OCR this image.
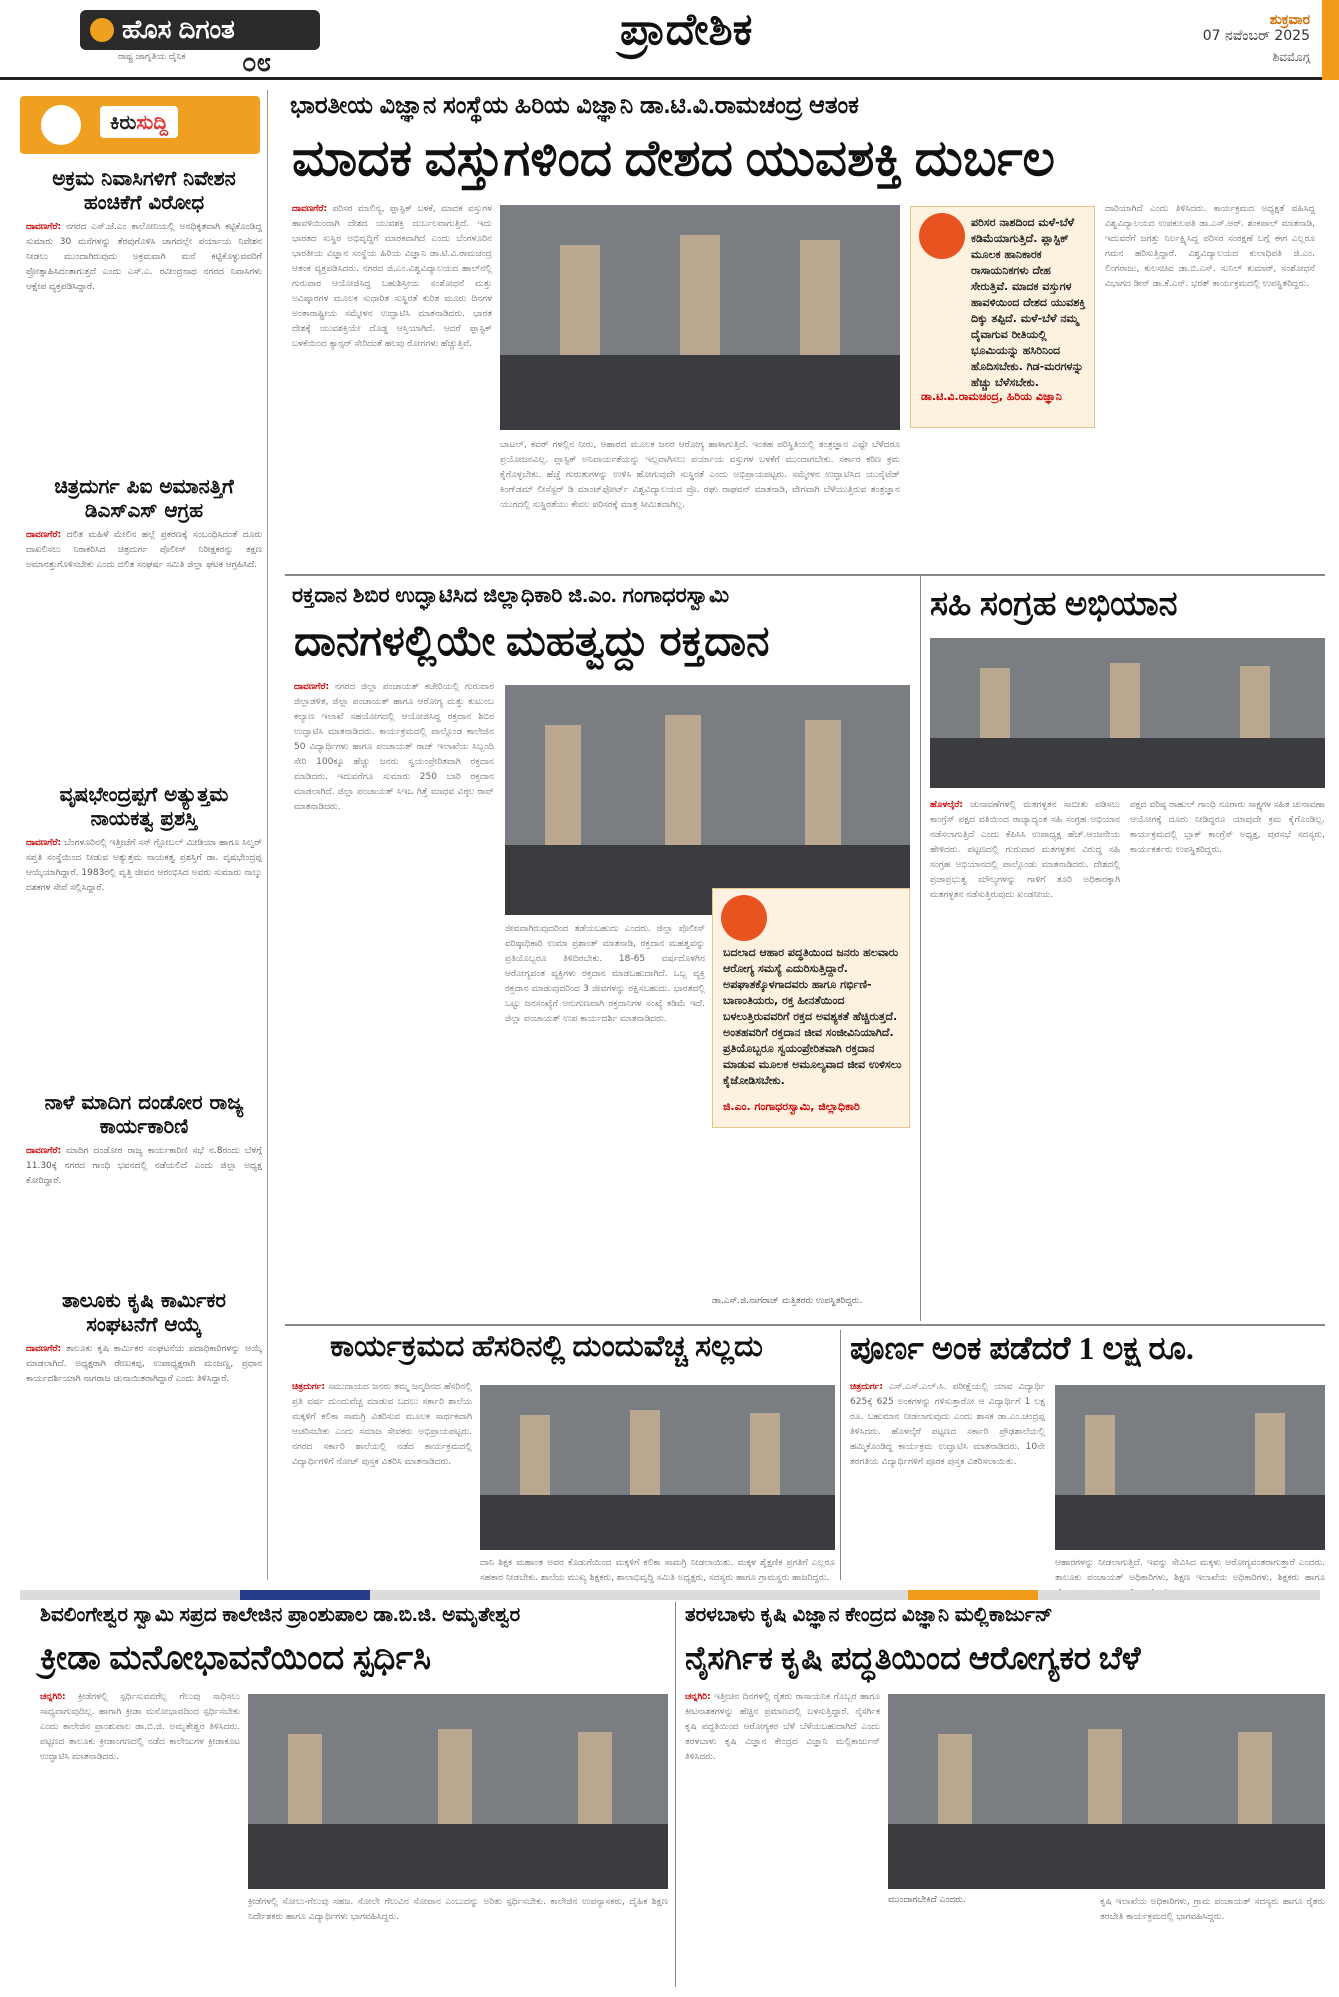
ಹೊಸ ದಿಗಂತ
ರಾಷ್ಟ್ರ ಜಾಗೃತಿಯ ದೈನಿಕ ೦೮
ಪ್ರಾದೇಶಿಕ	ಶುಕ್ರವಾರ
07 ನವೆಂಬರ್ 2025
ಶಿವಮೊಗ್ಗ
ಕಿರುಸುದ್ದಿ
ಅಕ್ರಮ ನಿವಾಸಿಗಳಿಗೆ ನಿವೇಶನ ಹಂಚಿಕೆಗೆ ವಿರೋಧ

ದಾವಣಗೆರೆ: ನಗರದ ಎಸ್.ಜೆ.ಎಂ ಕಾಲೋನಿಯಲ್ಲಿ ಅನಧಿಕೃತವಾಗಿ ಕಟ್ಟಿಕೊಂಡಿದ್ದ ಸುಮಾರು 30 ಮನೆಗಳನ್ನು ತೆರವುಗೊಳಿಸಿ ಜಾಗದಲ್ಲೇ ಪರ್ಯಾಯ ನಿವೇಶನ ನೀಡಲು ಮುಂದಾಗಿರುವುದು ಅಕ್ರಮವಾಗಿ ಮನೆ ಕಟ್ಟಿಕೊಳ್ಳುವವರಿಗೆ ಪ್ರೋತ್ಸಾಹಿಸಿದಂತಾಗುತ್ತದೆ ಎಂದು ಎಸ್.ಎ. ರವೀಂದ್ರನಾಥ ನಗರದ ನಿವಾಸಿಗಳು ಆಕ್ಷೇಪ ವ್ಯಕ್ತಪಡಿಸಿದ್ದಾರೆ.

ಚಿತ್ರದುರ್ಗ ಪಿಐ ಅಮಾನತ್ತಿಗೆ ಡಿಎಸ್ಎಸ್ ಆಗ್ರಹ

ದಾವಣಗೆರೆ: ದಲಿತ ಮಹಿಳೆ ಮೇಲಿನ ಹಲ್ಲೆ ಪ್ರಕರಣಕ್ಕೆ ಸಂಬಂಧಿಸಿದಂತೆ ದೂರು ದಾಖಲಿಸಲು ನಿರಾಕರಿಸಿದ ಚಿತ್ರದುರ್ಗ ಪೊಲೀಸ್ ನಿರೀಕ್ಷಕರನ್ನು ತಕ್ಷಣ ಅಮಾನತ್ತುಗೊಳಿಸಬೇಕು ಎಂದು ದಲಿತ ಸಂಘರ್ಷ ಸಮಿತಿ ಜಿಲ್ಲಾ ಘಟಕ ಆಗ್ರಹಿಸಿದೆ.

ವೃಷಭೇಂದ್ರಪ್ಪಗೆ ಅತ್ಯುತ್ತಮ ನಾಯಕತ್ವ ಪ್ರಶಸ್ತಿ

ದಾವಣಗೆರೆ: ಬೆಂಗಳೂರಿನಲ್ಲಿ ಇತ್ತೀಚೆಗೆ ಸಸ್ ಗ್ಲೋಬಲ್ ಮೀಡಿಯಾ ಹಾಗೂ ಸಿಲ್ವರ್ ಸಪ್ತತಿ ಸಂಸ್ಥೆಯಿಂದ ನೀಡುವ ಅತ್ಯುತ್ತಮ ನಾಯಕತ್ವ ಪ್ರಶಸ್ತಿಗೆ ಡಾ. ವೃಷಭೇಂದ್ರಪ್ಪ ಆಯ್ಕೆಯಾಗಿದ್ದಾರೆ. 1983ರಲ್ಲಿ ವೃತ್ತಿ ಜೀವನ ಆರಂಭಿಸಿದ ಅವರು ಸುಮಾರು ನಾಲ್ಕು ದಶಕಗಳ ಸೇವೆ ಸಲ್ಲಿಸಿದ್ದಾರೆ.

ನಾಳೆ ಮಾದಿಗ ದಂಡೋರ ರಾಜ್ಯ ಕಾರ್ಯಕಾರಿಣಿ

ದಾವಣಗೆರೆ: ಮಾದಿಗ ದಂಡೋರ ರಾಜ್ಯ ಕಾರ್ಯಕಾರಿಣಿ ಸಭೆ ನ.8ರಂದು ಬೆಳಗ್ಗೆ 11.30ಕ್ಕೆ ನಗರದ ಗಾಂಧಿ ಭವನದಲ್ಲಿ ನಡೆಯಲಿದೆ ಎಂದು ಜಿಲ್ಲಾ ಅಧ್ಯಕ್ಷ ಕೋರಿದ್ದಾರೆ.

ತಾಲೂಕು ಕೃಷಿ ಕಾರ್ಮಿಕರ ಸಂಘಟನೆಗೆ ಆಯ್ಕೆ

ದಾವಣಗೆರೆ: ತಾಲೂಕು ಕೃಷಿ ಕಾರ್ಮಿಕರ ಸಂಘಟನೆಯ ಪದಾಧಿಕಾರಿಗಳನ್ನು ಆಯ್ಕೆ ಮಾಡಲಾಗಿದೆ. ಅಧ್ಯಕ್ಷರಾಗಿ ರೇಣುಕಪ್ಪ, ಉಪಾಧ್ಯಕ್ಷರಾಗಿ ಮಂಜಣ್ಣ, ಪ್ರಧಾನ ಕಾರ್ಯದರ್ಶಿಯಾಗಿ ನಾಗರಾಜ ಚುನಾಯಿತರಾಗಿದ್ದಾರೆ ಎಂದು ತಿಳಿಸಿದ್ದಾರೆ.

ಭಾರತೀಯ ವಿಜ್ಞಾನ ಸಂಸ್ಥೆಯ ಹಿರಿಯ ವಿಜ್ಞಾನಿ ಡಾ.ಟಿ.ವಿ.ರಾಮಚಂದ್ರ ಆತಂಕ
ಮಾದಕ ವಸ್ತುಗಳಿಂದ ದೇಶದ ಯುವಶಕ್ತಿ ದುರ್ಬಲ
ದಾವಣಗೆರೆ: ಪರಿಸರ ಮಾಲಿನ್ಯ, ಪ್ಲಾಸ್ಟಿಕ್ ಬಳಕೆ, ಮಾದಕ ವಸ್ತುಗಳ ಹಾವಳಿಯಿಂದಾಗಿ ದೇಶದ ಯುವಶಕ್ತಿ ದುರ್ಬಲವಾಗುತ್ತಿದೆ. ಇದು ಭಾರತದ ಸುಸ್ಥಿರ ಅಭಿವೃದ್ಧಿಗೆ ಮಾರಕವಾಗಿದೆ ಎಂದು ಬೆಂಗಳೂರಿನ ಭಾರತೀಯ ವಿಜ್ಞಾನ ಸಂಸ್ಥೆಯ ಹಿರಿಯ ವಿಜ್ಞಾನಿ ಡಾ.ಟಿ.ವಿ.ರಾಮಚಂದ್ರ ಆತಂಕ ವ್ಯಕ್ತಪಡಿಸಿದರು. ನಗರದ ಜಿ.ಎಂ.ವಿಶ್ವವಿದ್ಯಾಲಯದ ಹಾಲ್‌ನಲ್ಲಿ ಗುರುವಾರ ಆಯೋಜಿಸಿದ್ದ ಬಹುಶಿಸ್ತೀಯ ಸಂಶೋಧನೆ ಮತ್ತು ಅವಿಷ್ಕಾರಗಳ ಮೂಲಕ ಸುಧಾರಿತ ಸುಸ್ಥಿರತೆ ಕುರಿತ ಮೂರು ದಿನಗಳ ಅಂತಾರಾಷ್ಟ್ರೀಯ ಸಮ್ಮೇಳನ ಉದ್ಘಾಟಿಸಿ ಮಾತನಾಡಿದರು. ಭಾರತ ದೇಶಕ್ಕೆ ಯುವಶಕ್ತಿಯೇ ದೊಡ್ಡ ಆಸ್ತಿಯಾಗಿದೆ. ಆದರೆ ಪ್ಲಾಸ್ಟಿಕ್ ಬಳಕೆಯಿಂದ ಕ್ಯಾನ್ಸರ್ ಸೇರಿದಂತೆ ಹಲವು ರೋಗಗಳು ಹೆಚ್ಚುತ್ತಿವೆ.
ಬಾಟಲ್, ಕವರ್ ಗಳಲ್ಲಿನ ನೀರು, ಆಹಾರದ ಮೂಲಕ ಜನರ ಆರೋಗ್ಯ ಹಾಳಾಗುತ್ತಿದೆ. ಇಂತಹ ಪರಿಸ್ಥಿತಿಯಲ್ಲಿ ತಂತ್ರಜ್ಞಾನ ಎಷ್ಟೇ ಬೆಳೆದರೂ ಪ್ರಯೋಜನವಿಲ್ಲ. ಪ್ಲಾಸ್ಟಿಕ್ ಅನಿವಾರ್ಯತೆಯನ್ನು ಇಲ್ಲವಾಗಿಸಲು ಪರ್ಯಾಯ ವಸ್ತುಗಳ ಬಳಕೆಗೆ ಮುಂದಾಗಬೇಕು. ಸರ್ಕಾರ ಕಠಿಣ ಕ್ರಮ ಕೈಗೊಳ್ಳಬೇಕು. ಹೆಚ್ಚೆ ಗುರುತುಗಳನ್ನು ಉಳಿಸಿ ಹೋಗುವುದೇ ಸುಸ್ಥಿರತೆ ಎಂದು ಅಭಿಪ್ರಾಯಪಟ್ಟರು. ಸಮ್ಮೇಳನ ಉದ್ಘಾಟಿಸಿದ ಯುನೈಟೆಡ್ ಕಿಂಗ್‌ಡಮ್ ಲೀಸೆಸ್ಟರ್ ಡಿ ಮಾಂಟ್‌ಫೋರ್ಟ್ ವಿಶ್ವವಿದ್ಯಾಲಯದ ಪ್ರೊ. ರಘು ರಾಘವನ್ ಮಾತನಾಡಿ, ವೇಗವಾಗಿ ಬೆಳೆಯುತ್ತಿರುವ ತಂತ್ರಜ್ಞಾನ ಯುಗದಲ್ಲಿ ಸುಸ್ಥಿರತೆಯು ಕೇವಲ ಪರಿಸರಕ್ಕೆ ಮಾತ್ರ ಸೀಮಿತವಾಗಿಲ್ಲ.
ಪರಿಸರ ನಾಶದಿಂದ ಮಳೆ-ಬೆಳೆ ಕಡಿಮೆಯಾಗುತ್ತಿದೆ. ಪ್ಲಾಸ್ಟಿಕ್ ಮೂಲಕ ಹಾನಿಕಾರಕ ರಾಸಾಯನಿಕಗಳು ದೇಹ ಸೇರುತ್ತಿವೆ. ಮಾದಕ ವಸ್ತುಗಳ ಹಾವಳಿಯಿಂದ ದೇಶದ ಯುವಶಕ್ತಿ ದಿಕ್ಕು ತಪ್ಪಿದೆ. ಮಳೆ-ಬೆಳೆ ನಮ್ಮ ದೈವಾಗುವ ರೀತಿಯಲ್ಲಿ ಭೂಮಿಯನ್ನು ಹಸಿರಿನಿಂದ ಹೊದಿಸಬೇಕು. ಗಿಡ-ಮರಗಳನ್ನು ಹೆಚ್ಚು ಬೆಳೆಸಬೇಕು.
ಡಾ.ಟಿ.ವಿ.ರಾಮಚಂದ್ರ, ಹಿರಿಯ ವಿಜ್ಞಾನಿ
ದಾರಿಯಾಗಿದೆ ಎಂದು ತಿಳಿಸಿದರು. ಕಾರ್ಯಕ್ರಮದ ಅಧ್ಯಕ್ಷತೆ ವಹಿಸಿದ್ದ ವಿಶ್ವವಿದ್ಯಾಲಯದ ಉಪಕುಲಪತಿ ಡಾ.ಎಸ್.ಆರ್. ಶಂಕಪಾಲ್ ಮಾತನಾಡಿ, ಇದುವರೆಗೆ ಜಗತ್ತು ನಿರ್ಲಕ್ಷ್ಯಿಸಿದ್ದ ಪರಿಸರ ಸಂರಕ್ಷಣೆ ಬಗ್ಗೆ ಈಗ ಎಲ್ಲರೂ ಗಮನ ಹರಿಸುತ್ತಿದ್ದಾರೆ. ವಿಶ್ವವಿದ್ಯಾಲಯದ ಕುಲಾಧಿಪತಿ ಜಿ.ಎಂ. ಲಿಂಗರಾಜು, ಕುಲಸಚಿವ ಡಾ.ಬಿ.ಎಸ್. ಸುನಿಲ್ ಕುಮಾರ್, ಸಂಶೋಧನೆ ವಿಭಾಗದ ಡೀನ್ ಡಾ.ಕೆ.ಎನ್. ಭರತ್ ಕಾರ್ಯಕ್ರಮದಲ್ಲಿ ಉಪಸ್ಥಿತರಿದ್ದರು.
ರಕ್ತದಾನ ಶಿಬಿರ ಉದ್ಘಾಟಿಸಿದ ಜಿಲ್ಲಾಧಿಕಾರಿ ಜಿ.ಎಂ. ಗಂಗಾಧರಸ್ವಾಮಿ
ದಾನಗಳಲ್ಲಿಯೇ ಮಹತ್ವದ್ದು ರಕ್ತದಾನ
ದಾವಣಗೆರೆ: ನಗರದ ಜಿಲ್ಲಾ ಪಂಚಾಯತ್ ಕಚೇರಿಯಲ್ಲಿ ಗುರುವಾರ ಜಿಲ್ಲಾಡಳಿತ, ಜಿಲ್ಲಾ ಪಂಚಾಯತ್ ಹಾಗೂ ಆರೋಗ್ಯ ಮತ್ತು ಕುಟುಂಬ ಕಲ್ಯಾಣ ಇಲಾಖೆ ಸಹಯೋಗದಲ್ಲಿ ಆಯೋಜಿಸಿದ್ದ ರಕ್ತದಾನ ಶಿಬಿರ ಉದ್ಘಾಟಿಸಿ ಮಾತನಾಡಿದರು. ಕಾರ್ಯಕ್ರಮದಲ್ಲಿ ಪಾಲ್ಗೊಂಡ ಕಾಲೇಜಿನ 50 ವಿದ್ಯಾರ್ಥಿಗಳು ಹಾಗೂ ಪಂಚಾಯತ್ ರಾಜ್ ಇಲಾಖೆಯ ಸಿಬ್ಬಂದಿ ಸೇರಿ 100ಕ್ಕೂ ಹೆಚ್ಚು ಜನರು ಸ್ವಯಂಪ್ರೇರಿತವಾಗಿ ರಕ್ತದಾನ ಮಾಡಿದರು. ಇದುವರೆಗೂ ಸುಮಾರು 250 ಬಾರಿ ರಕ್ತದಾನ ಮಾಡಲಾಗಿದೆ. ಜಿಲ್ಲಾ ಪಂಚಾಯತ್ ಸಿಇಒ ಗಿತ್ತೆ ಮಾಧವ ವಿಠ್ಠಲ ರಾವ್ ಮಾತನಾಡಿದರು.
ಜೀವವಾಗಿರುವುದರಿಂದ ತಡೆಯಬಹುದು ಎಂದರು. ಜಿಲ್ಲಾ ಪೊಲೀಸ್ ವರಿಷ್ಠಾಧಿಕಾರಿ ಉಮಾ ಪ್ರಶಾಂತ್ ಮಾತನಾಡಿ, ರಕ್ತದಾನ ಮಹತ್ವವನ್ನು ಪ್ರತಿಯೊಬ್ಬರೂ ತಿಳಿದಿರಬೇಕು. 18-65 ವರ್ಷದೊಳಗಿನ ಆರೋಗ್ಯವಂತ ವ್ಯಕ್ತಿಗಳು ರಕ್ತದಾನ ಮಾಡಬಹುದಾಗಿದೆ. ಒಬ್ಬ ವ್ಯಕ್ತಿ ರಕ್ತದಾನ ಮಾಡುವುದರಿಂದ 3 ಜೀವಗಳನ್ನು ರಕ್ಷಿಸಬಹುದು. ಭಾರತದಲ್ಲಿ ಒಟ್ಟು ಜನಸಂಖ್ಯೆಗೆ ಅನುಗುಣವಾಗಿ ರಕ್ತದಾನಿಗಳ ಸಂಖ್ಯೆ ಕಡಿಮೆ ಇದೆ. ಜಿಲ್ಲಾ ಪಂಚಾಯತ್ ಉಪ ಕಾರ್ಯದರ್ಶಿ ಮಾತನಾಡಿದರು.
ಬದಲಾದ ಆಹಾರ ಪದ್ಧತಿಯಿಂದ ಜನರು ಹಲವಾರು ಆರೋಗ್ಯ ಸಮಸ್ಯೆ ಎದುರಿಸುತ್ತಿದ್ದಾರೆ. ಅಪಘಾತಕ್ಕೊಳಗಾದವರು ಹಾಗೂ ಗರ್ಭಿಣಿ-ಬಾಣಂತಿಯರು, ರಕ್ತ ಹೀನತೆಯಿಂದ ಬಳಲುತ್ತಿರುವವರಿಗೆ ರಕ್ತದ ಅವಶ್ಯಕತೆ ಹೆಚ್ಚಿರುತ್ತದೆ. ಅಂತಹವರಿಗೆ ರಕ್ತದಾನ ಜೀವ ಸಂಜೀವಿನಿಯಾಗಿದೆ. ಪ್ರತಿಯೊಬ್ಬರೂ ಸ್ವಯಂಪ್ರೇರಿತವಾಗಿ ರಕ್ತದಾನ ಮಾಡುವ ಮೂಲಕ ಅಮೂಲ್ಯವಾದ ಜೀವ ಉಳಿಸಲು ಕೈಜೋಡಿಸಬೇಕು.
ಜಿ.ಎಂ. ಗಂಗಾಧರಸ್ವಾಮಿ, ಜಿಲ್ಲಾಧಿಕಾರಿ
ಡಾ.ಎಸ್.ಜಿ.ನಾಗರಾಜ್ ಮತ್ತಿತರರು ಉಪಸ್ಥಿತರಿದ್ದರು.
ಸಹಿ ಸಂಗ್ರಹ ಅಭಿಯಾನ
ಹೊಳಲ್ಕೆರೆ: ಚುನಾವಣೆಗಳಲ್ಲಿ ಮತಗಳ್ಳತನ ಸಾಬೀತು ಪಡಿಸಲು ಕಾಂಗ್ರೆಸ್ ಪಕ್ಷದ ವತಿಯಿಂದ ರಾಜ್ಯಾದ್ಯಂತ ಸಹಿ ಸಂಗ್ರಹ ಅಭಿಯಾನ ನಡೆಸಲಾಗುತ್ತಿದೆ ಎಂದು ಕೆಪಿಸಿಸಿ ಉಪಾಧ್ಯಕ್ಷ ಹೆಚ್.ಆಂಜನೇಯ ಹೇಳಿದರು. ಪಟ್ಟಣದಲ್ಲಿ ಗುರುವಾರ ಮತಗಳ್ಳತನ ವಿರುದ್ಧ ಸಹಿ ಸಂಗ್ರಹ ಅಭಿಯಾನದಲ್ಲಿ ಪಾಲ್ಗೊಂಡು ಮಾತನಾಡಿದರು. ದೇಶದಲ್ಲಿ ಪ್ರಜಾಪ್ರಭುತ್ವ ಮೌಲ್ಯಗಳನ್ನು ಗಾಳಿಗೆ ತೂರಿ ಅಧಿಕಾರಕ್ಕಾಗಿ ಮತಗಳ್ಳತನ ನಡೆಸುತ್ತಿರುವುದು ಖಂಡನೀಯ.
ಪಕ್ಷದ ವರಿಷ್ಠ ರಾಹುಲ್ ಗಾಂಧಿ ನೂರಾರು ಸಾಕ್ಷ್ಯಗಳ ಸಹಿತ ಚುನಾವಣಾ ಆಯೋಗಕ್ಕೆ ದೂರು ನೀಡಿದ್ದರೂ ಯಾವುದೇ ಕ್ರಮ ಕೈಗೊಂಡಿಲ್ಲ. ಕಾರ್ಯಕ್ರಮದಲ್ಲಿ ಬ್ಲಾಕ್ ಕಾಂಗ್ರೆಸ್ ಅಧ್ಯಕ್ಷ, ಪುರಸಭೆ ಸದಸ್ಯರು, ಕಾರ್ಯಕರ್ತರು ಉಪಸ್ಥಿತರಿದ್ದರು.
ಕಾರ್ಯಕ್ರಮದ ಹೆಸರಿನಲ್ಲಿ ದುಂದುವೆಚ್ಚ ಸಲ್ಲದು
ಚಿತ್ರದುರ್ಗ: ಸಮುದಾಯದ ಜನರು ತಮ್ಮ ಜನ್ಮದಿನದ ಹೆಸರಿನಲ್ಲಿ ಪ್ರತಿ ವರ್ಷ ದುಂದುವೆಚ್ಚ ಮಾಡುವ ಬದಲು ಸರ್ಕಾರಿ ಶಾಲೆಯ ಮಕ್ಕಳಿಗೆ ಕಲಿಕಾ ಸಾಮಗ್ರಿ ವಿತರಿಸುವ ಮೂಲಕ ಸಾರ್ಥಕವಾಗಿ ಆಚರಿಸಬೇಕು ಎಂದು ಸಮಾಜ ಸೇವಕರು ಅಭಿಪ್ರಾಯಪಟ್ಟರು. ನಗರದ ಸರ್ಕಾರಿ ಶಾಲೆಯಲ್ಲಿ ನಡೆದ ಕಾರ್ಯಕ್ರಮದಲ್ಲಿ ವಿದ್ಯಾರ್ಥಿಗಳಿಗೆ ನೋಟ್ ಪುಸ್ತಕ ವಿತರಿಸಿ ಮಾತನಾಡಿದರು.
ದಾನಿ ಶಿಕ್ಷಕ ಮಹಾಂತ ಅವರ ಕೊಡುಗೆಯಿಂದ ಮಕ್ಕಳಿಗೆ ಕಲಿಕಾ ಸಾಮಗ್ರಿ ನೀಡಲಾಯಿತು. ಮಕ್ಕಳ ಶೈಕ್ಷಣಿಕ ಪ್ರಗತಿಗೆ ಎಲ್ಲರೂ ಸಹಕಾರ ನೀಡಬೇಕು. ಶಾಲೆಯ ಮುಖ್ಯ ಶಿಕ್ಷಕರು, ಶಾಲಾಭಿವೃದ್ಧಿ ಸಮಿತಿ ಅಧ್ಯಕ್ಷರು, ಸದಸ್ಯರು ಹಾಗೂ ಗ್ರಾಮಸ್ಥರು ಹಾಜರಿದ್ದರು.
ಪೂರ್ಣ ಅಂಕ ಪಡೆದರೆ 1 ಲಕ್ಷ ರೂ.
ಚಿತ್ರದುರ್ಗ: ಎಸ್.ಎಸ್.ಎಲ್.ಸಿ. ಪರೀಕ್ಷೆಯಲ್ಲಿ ಯಾವ ವಿದ್ಯಾರ್ಥಿ 625ಕ್ಕೆ 625 ಅಂಕಗಳನ್ನು ಗಳಿಸುತ್ತಾರೋ ಆ ವಿದ್ಯಾರ್ಥಿಗೆ 1 ಲಕ್ಷ ರೂ. ಬಹುಮಾನ ನೀಡಲಾಗುವುದು ಎಂದು ಶಾಸಕ ಡಾ.ಎಂ.ಚಂದ್ರಪ್ಪ ತಿಳಿಸಿದರು. ಹೊಳಲ್ಕೆರೆ ಪಟ್ಟಣದ ಸರ್ಕಾರಿ ಪ್ರೌಢಶಾಲೆಯಲ್ಲಿ ಹಮ್ಮಿಕೊಂಡಿದ್ದ ಕಾರ್ಯಕ್ರಮ ಉದ್ಘಾಟಿಸಿ ಮಾತನಾಡಿದರು. 10ನೇ ತರಗತಿಯ ವಿದ್ಯಾರ್ಥಿಗಳಿಗೆ ಪೂರಕ ಪುಸ್ತಕ ವಿತರಿಸಲಾಯಿತು.
ಆಹಾರಗಳನ್ನು ನೀಡಲಾಗುತ್ತಿದೆ. ಇವನ್ನು ಸೇವಿಸಿದ ಮಕ್ಕಳು ಆರೋಗ್ಯವಂತರಾಗುತ್ತಾರೆ ಎಂದರು. ತಾಲೂಕು ಪಂಚಾಯತ್ ಅಧಿಕಾರಿಗಳು, ಶಿಕ್ಷಣ ಇಲಾಖೆಯ ಅಧಿಕಾರಿಗಳು, ಶಿಕ್ಷಕರು ಹಾಗೂ
ಶಿವಲಿಂಗೇಶ್ವರ ಸ್ವಾಮಿ ಸಪ್ರದ ಕಾಲೇಜಿನ ಪ್ರಾಂಶುಪಾಲ ಡಾ.ಬಿ.ಜಿ. ಅಮೃತೇಶ್ವರ
ಕ್ರೀಡಾ ಮನೋಭಾವನೆಯಿಂದ ಸ್ಪರ್ಧಿಸಿ
ಚನ್ನಗಿರಿ: ಕ್ರೀಡೆಗಳಲ್ಲಿ ಸ್ಪರ್ಧಿಸುವವರೆಲ್ಲ ಗೆಲುವು ಸಾಧಿಸಲು ಸಾಧ್ಯವಾಗುವುದಿಲ್ಲ. ಹಾಗಾಗಿ ಕ್ರೀಡಾ ಮನೋಭಾವದಿಂದ ಸ್ಪರ್ಧಿಸಬೇಕು ಎಂದು ಕಾಲೇಜಿನ ಪ್ರಾಂಶುಪಾಲ ಡಾ.ಬಿ.ಜಿ. ಅಮೃತೇಶ್ವರ ತಿಳಿಸಿದರು. ಪಟ್ಟಣದ ತಾಲೂಕು ಕ್ರೀಡಾಂಗಣದಲ್ಲಿ ನಡೆದ ಕಾಲೇಜುಗಳ ಕ್ರೀಡಾಕೂಟ ಉದ್ಘಾಟಿಸಿ ಮಾತನಾಡಿದರು.
ಕ್ರೀಡೆಗಳಲ್ಲಿ ಸೋಲು-ಗೆಲುವು ಸಹಜ. ಸೋಲೇ ಗೆಲುವಿನ ಸೋಪಾನ ಎಂಬುದನ್ನು ಅರಿತು ಸ್ಪರ್ಧಿಸಬೇಕು. ಕಾಲೇಜಿನ ಉಪನ್ಯಾಸಕರು, ದೈಹಿಕ ಶಿಕ್ಷಣ ನಿರ್ದೇಶಕರು ಹಾಗೂ ವಿದ್ಯಾರ್ಥಿಗಳು ಭಾಗವಹಿಸಿದ್ದರು.
ತರಳಬಾಳು ಕೃಷಿ ವಿಜ್ಞಾನ ಕೇಂದ್ರದ ವಿಜ್ಞಾನಿ ಮಲ್ಲಿಕಾರ್ಜುನ್
ನೈಸರ್ಗಿಕ ಕೃಷಿ ಪದ್ಧತಿಯಿಂದ ಆರೋಗ್ಯಕರ ಬೆಳೆ
ಚನ್ನಗಿರಿ: ಇತ್ತೀಚಿನ ದಿನಗಳಲ್ಲಿ ರೈತರು ರಾಸಾಯನಿಕ ಗೊಬ್ಬರ ಹಾಗೂ ಕೀಟನಾಶಕಗಳನ್ನು ಹೆಚ್ಚಿನ ಪ್ರಮಾಣದಲ್ಲಿ ಬಳಸುತ್ತಿದ್ದಾರೆ. ನೈಸರ್ಗಿಕ ಕೃಷಿ ಪದ್ಧತಿಯಿಂದ ಆರೋಗ್ಯಕರ ಬೆಳೆ ಬೆಳೆಯಬಹುದಾಗಿದೆ ಎಂದು ತರಳಬಾಳು ಕೃಷಿ ವಿಜ್ಞಾನ ಕೇಂದ್ರದ ವಿಜ್ಞಾನಿ ಮಲ್ಲಿಕಾರ್ಜುನ್ ತಿಳಿಸಿದರು.
ಮುಂದಾಗಬೇಕಿದೆ ಎಂದರು.	ಕೃಷಿ ಇಲಾಖೆಯ ಅಧಿಕಾರಿಗಳು, ಗ್ರಾಮ ಪಂಚಾಯತ್ ಸದಸ್ಯರು ಹಾಗೂ ರೈತರು ತರಬೇತಿ ಕಾರ್ಯಕ್ರಮದಲ್ಲಿ ಭಾಗವಹಿಸಿದ್ದರು.
